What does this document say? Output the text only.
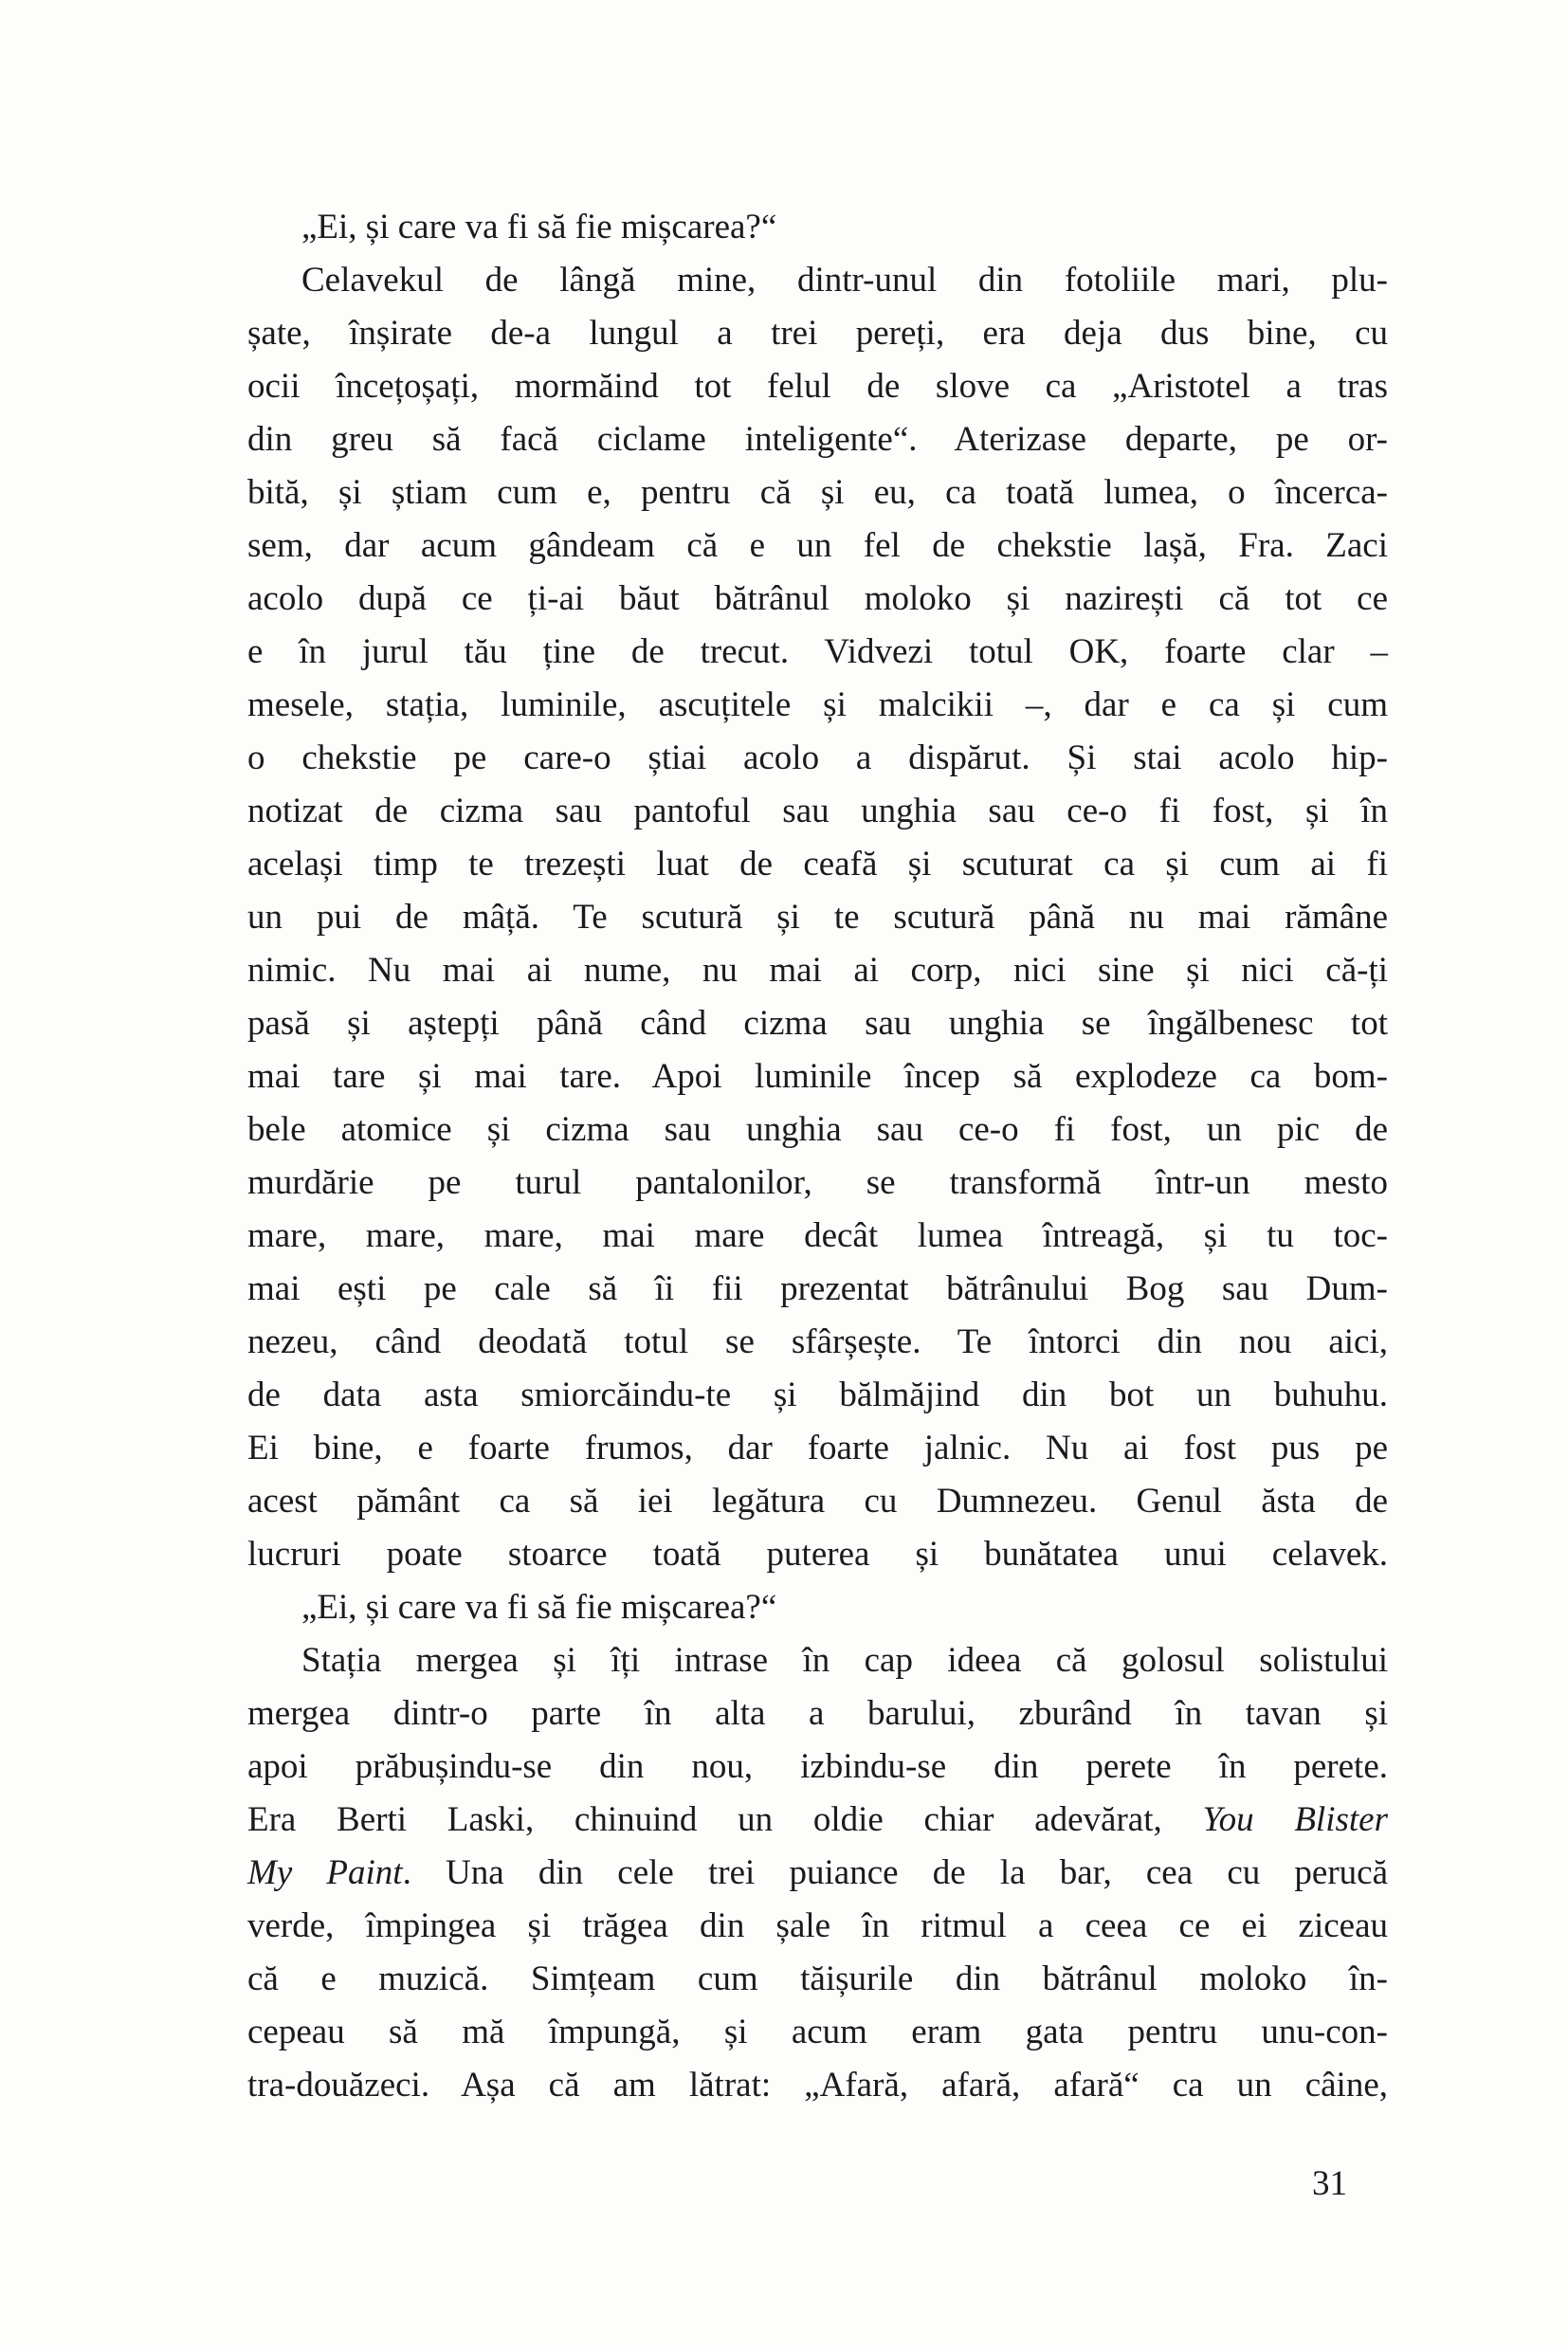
„Ei, și care va fi să fie mișcarea?“
Celavekul de lângă mine, dintr-unul din fotoliile mari, plu-
șate, înșirate de-a lungul a trei pereți, era deja dus bine, cu
ocii încețoșați, mormăind tot felul de slove ca „Aristotel a tras
din greu să facă ciclame inteligente“. Aterizase departe, pe or-
bită, și știam cum e, pentru că și eu, ca toată lumea, o încerca-
sem, dar acum gândeam că e un fel de chekstie lașă, Fra. Zaci
acolo după ce ți-ai băut bătrânul moloko și nazirești că tot ce
e în jurul tău ține de trecut. Vidvezi totul OK, foarte clar –
mesele, stația, luminile, ascuțitele și malcikii –, dar e ca și cum
o chekstie pe care-o știai acolo a dispărut. Și stai acolo hip-
notizat de cizma sau pantoful sau unghia sau ce-o fi fost, și în
același timp te trezești luat de ceafă și scuturat ca și cum ai fi
un pui de mâță. Te scutură și te scutură până nu mai rămâne
nimic. Nu mai ai nume, nu mai ai corp, nici sine și nici că-ți
pasă și aștepți până când cizma sau unghia se îngălbenesc tot
mai tare și mai tare. Apoi luminile încep să explodeze ca bom-
bele atomice și cizma sau unghia sau ce-o fi fost, un pic de
murdărie pe turul pantalonilor, se transformă într-un mesto
mare, mare, mare, mai mare decât lumea întreagă, și tu toc-
mai ești pe cale să îi fii prezentat bătrânului Bog sau Dum-
nezeu, când deodată totul se sfârșește. Te întorci din nou aici,
de data asta smiorcăindu-te și bălmăjind din bot un buhuhu.
Ei bine, e foarte frumos, dar foarte jalnic. Nu ai fost pus pe
acest pământ ca să iei legătura cu Dumnezeu. Genul ăsta de
lucruri poate stoarce toată puterea și bunătatea unui celavek.
„Ei, și care va fi să fie mișcarea?“
Stația mergea și îți intrase în cap ideea că golosul solistului
mergea dintr-o parte în alta a barului, zburând în tavan și
apoi prăbușindu-se din nou, izbindu-se din perete în perete.
Era Berti Laski, chinuind un oldie chiar adevărat, You Blister
My Paint. Una din cele trei puiance de la bar, cea cu perucă
verde, împingea și trăgea din șale în ritmul a ceea ce ei ziceau
că e muzică. Simțeam cum tăișurile din bătrânul moloko în-
cepeau să mă împungă, și acum eram gata pentru unu-con-
tra-douăzeci. Așa că am lătrat: „Afară, afară, afară“ ca un câine,
31
